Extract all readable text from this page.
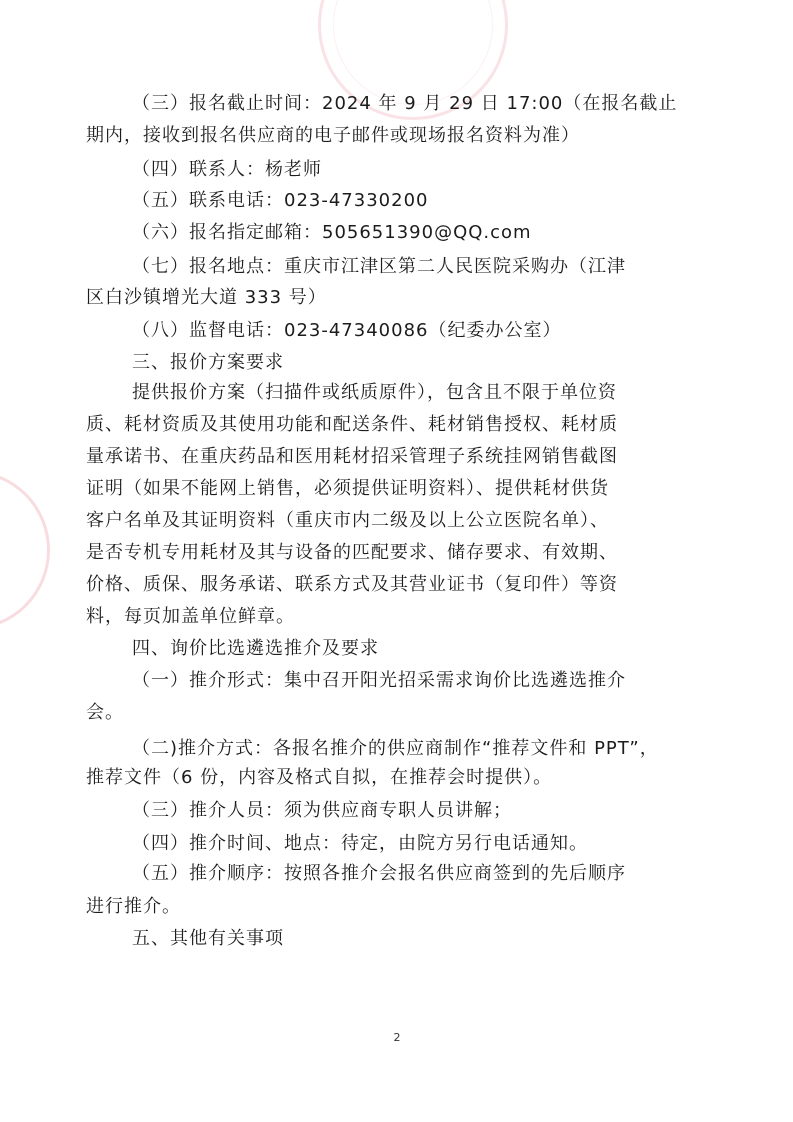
（三）报名截止时间：2024 年 9 月 29 日 17:00（在报名截止
期内，接收到报名供应商的电子邮件或现场报名资料为准）
（四）联系人：杨老师
（五）联系电话：023-47330200
（六）报名指定邮箱：505651390@QQ.com
（七）报名地点：重庆市江津区第二人民医院采购办（江津
区白沙镇增光大道 333 号）
（八）监督电话：023-47340086（纪委办公室）
三、报价方案要求
提供报价方案（扫描件或纸质原件），包含且不限于单位资
质、耗材资质及其使用功能和配送条件、耗材销售授权、耗材质
量承诺书、在重庆药品和医用耗材招采管理子系统挂网销售截图
证明（如果不能网上销售，必须提供证明资料）、提供耗材供货
客户名单及其证明资料（重庆市内二级及以上公立医院名单）、
是否专机专用耗材及其与设备的匹配要求、储存要求、有效期、
价格、质保、服务承诺、联系方式及其营业证书（复印件）等资
料，每页加盖单位鲜章。
四、询价比选遴选推介及要求
（一）推介形式：集中召开阳光招采需求询价比选遴选推介
会。
（二)推介方式：各报名推介的供应商制作“推荐文件和 PPT”，
推荐文件（6 份，内容及格式自拟，在推荐会时提供）。
（三）推介人员：须为供应商专职人员讲解；
（四）推介时间、地点：待定，由院方另行电话通知。
（五）推介顺序：按照各推介会报名供应商签到的先后顺序
进行推介。
五、其他有关事项
2
